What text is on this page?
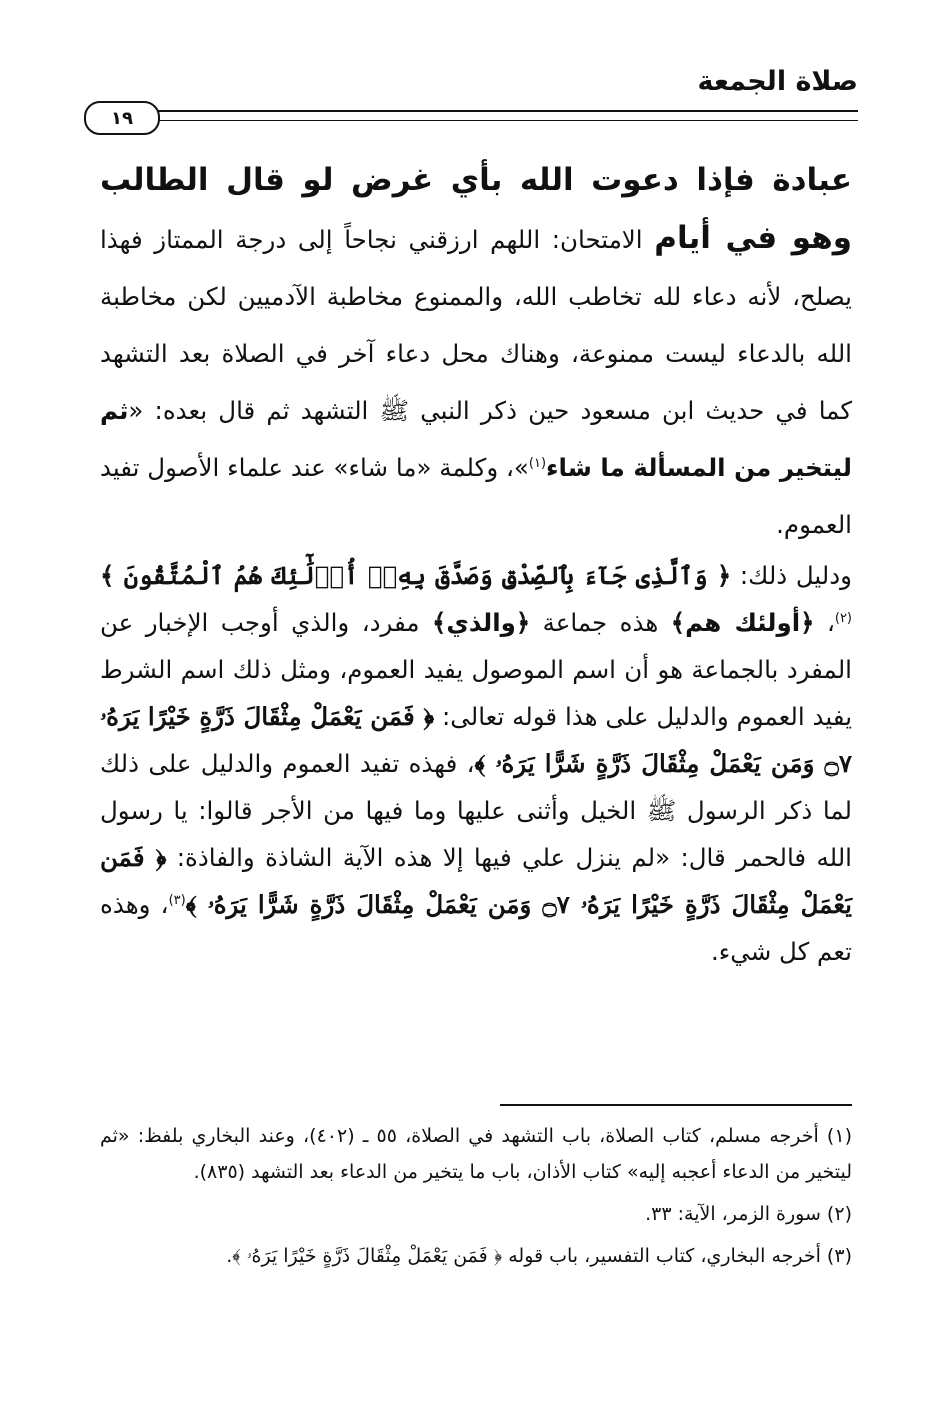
صلاة الجمعة
١٩

عبادة فإذا دعوت الله بأي غرض لو قال الطالب وهو في أيام الامتحان: اللهم ارزقني نجاحاً إلى درجة الممتاز فهذا يصلح، لأنه دعاء لله تخاطب الله، والممنوع مخاطبة الآدميين لكن مخاطبة الله بالدعاء ليست ممنوعة، وهناك محل دعاء آخر في الصلاة بعد التشهد كما في حديث ابن مسعود حين ذكر النبي ﷺ التشهد ثم قال بعده: «ثم ليتخير من المسألة ما شاء$^{(١)}$»، وكلمة «ما شاء» عند علماء الأصول تفيد العموم.

ودليل ذلك: ﴿ وَٱلَّذِى جَآءَ بِٱلصِّدْقِ وَصَدَّقَ بِهِۦٓ أُو۟لَٰٓئِكَ هُمُ ٱلْمُتَّقُونَ ﴾$^{(٢)}$، ﴿أولئك هم﴾ هذه جماعة ﴿والذي﴾ مفرد، والذي أوجب الإخبار عن المفرد بالجماعة هو أن اسم الموصول يفيد العموم، ومثل ذلك اسم الشرط يفيد العموم والدليل على هذا قوله تعالى: ﴿ فَمَن يَعْمَلْ مِثْقَالَ ذَرَّةٍ خَيْرًا يَرَهُۥ ۝٧ وَمَن يَعْمَلْ مِثْقَالَ ذَرَّةٍ شَرًّا يَرَهُۥ ﴾، فهذه تفيد العموم والدليل على ذلك لما ذكر الرسول ﷺ الخيل وأثنى عليها وما فيها من الأجر قالوا: يا رسول الله فالحمر قال: «لم ينزل علي فيها إلا هذه الآية الشاذة والفاذة: ﴿ فَمَن يَعْمَلْ مِثْقَالَ ذَرَّةٍ خَيْرًا يَرَهُۥ ۝٧ وَمَن يَعْمَلْ مِثْقَالَ ذَرَّةٍ شَرًّا يَرَهُۥ ﴾$^{(٣)}$، وهذه تعم كل شيء.

(١) أخرجه مسلم، كتاب الصلاة، باب التشهد في الصلاة، ٥٥ ـ (٤٠٢)، وعند البخاري بلفظ: «ثم ليتخير من الدعاء أعجبه إليه» كتاب الأذان، باب ما يتخير من الدعاء بعد التشهد (٨٣٥).

(٢) سورة الزمر، الآية: ٣٣.

(٣) أخرجه البخاري، كتاب التفسير، باب قوله ﴿ فَمَن يَعْمَلْ مِثْقَالَ ذَرَّةٍ خَيْرًا يَرَهُۥ ﴾.
